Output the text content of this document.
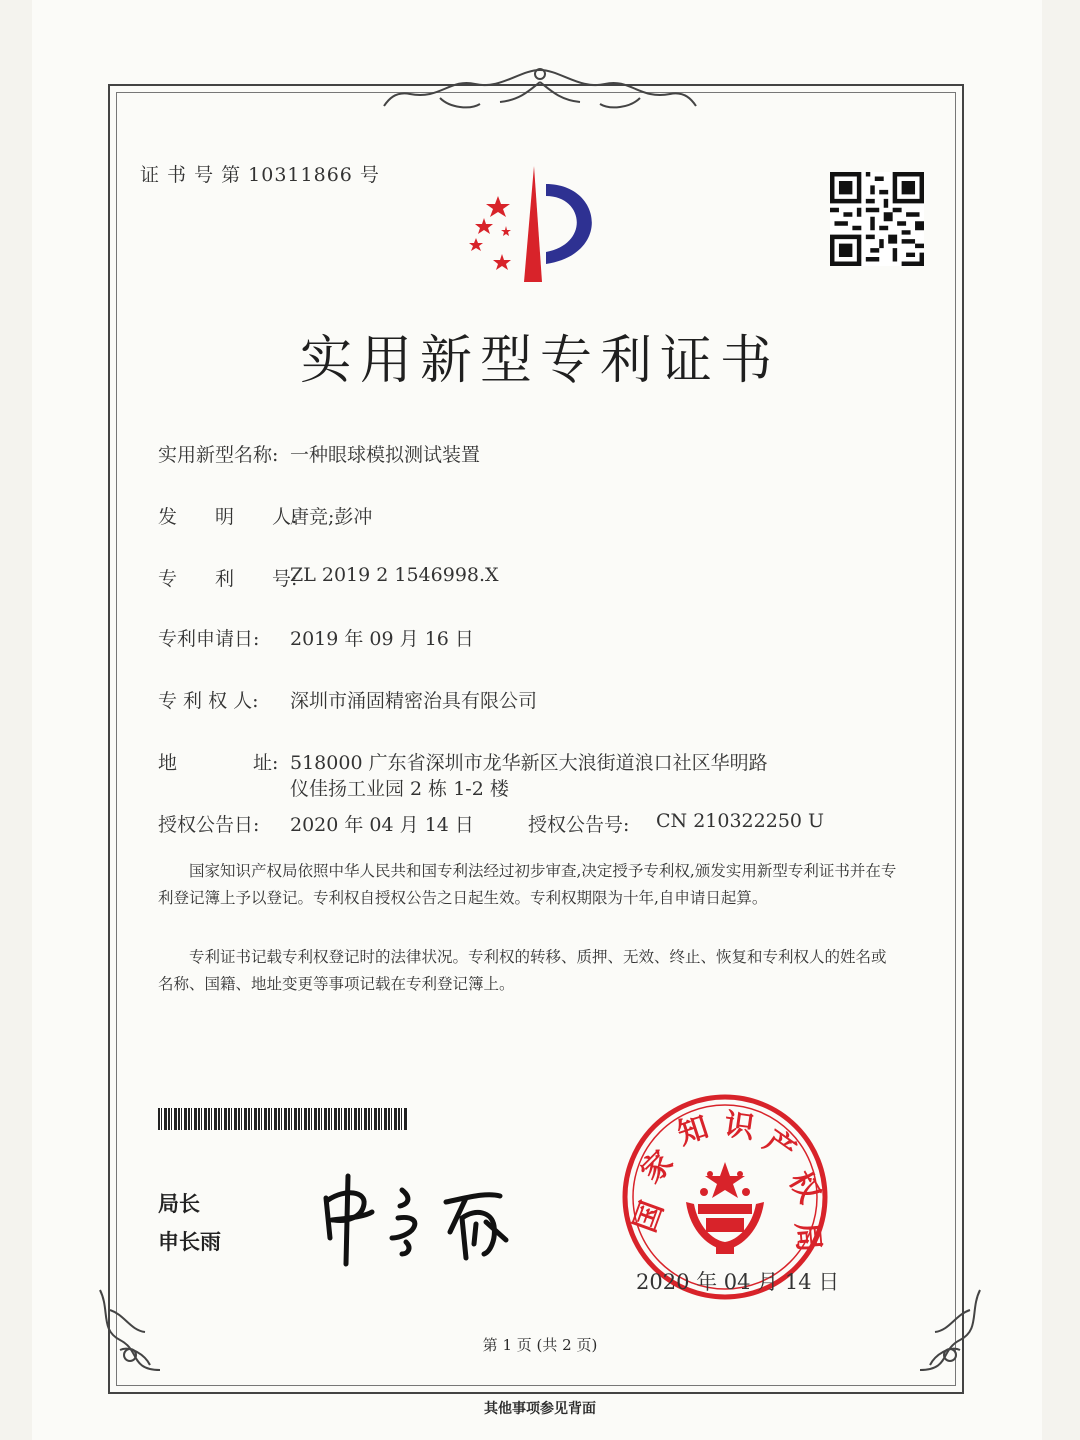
证 书 号 第 10311866 号
实用新型专利证书
实用新型名称: 一种眼球模拟测试装置
发　　明　　人:
唐竞;彭冲
专　　利　　号:
ZL 2019 2 1546998.X
专利申请日: 2019 年 09 月 16 日
专 利 权 人: 深圳市涌固精密治具有限公司
地　　　　址: 518000 广东省深圳市龙华新区大浪街道浪口社区华明路
仪佳扬工业园 2 栋 1-2 楼
授权公告日: 2020 年 04 月 14 日	授权公告号: CN 210322250 U
国家知识产权局依照中华人民共和国专利法经过初步审查,决定授予专利权,颁发实用新型专利证书并在专利登记簿上予以登记。专利权自授权公告之日起生效。专利权期限为十年,自申请日起算。
专利证书记载专利权登记时的法律状况。专利权的转移、质押、无效、终止、恢复和专利权人的姓名或名称、国籍、地址变更等事项记载在专利登记簿上。
局长
申长雨
国
家
知 识 产
权
局
2020 年 04 月 14 日
第 1 页 (共 2 页)
其他事项参见背面
